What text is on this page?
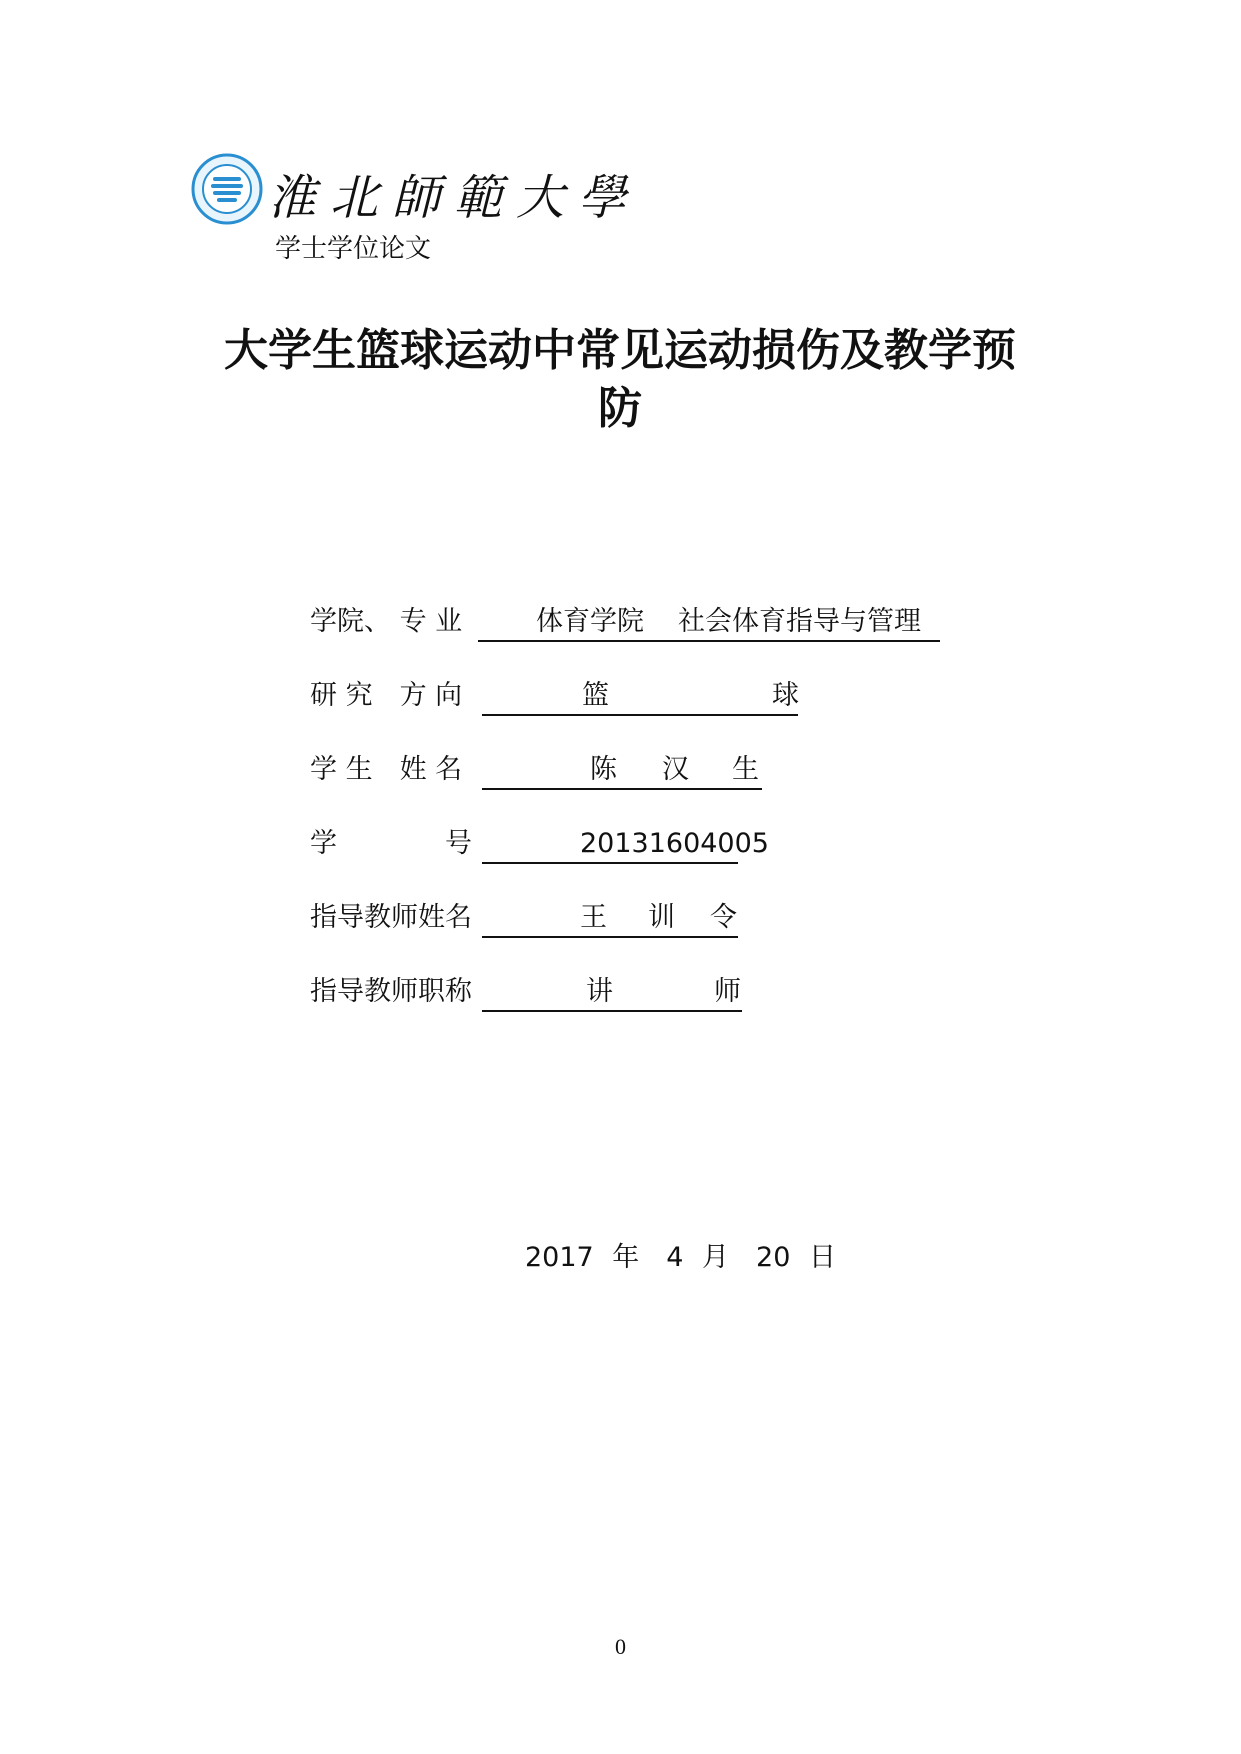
淮北師範大學
学士学位论文
大学生篮球运动中常见运动损伤及教学预
防
学院、 专 业	体育学院 社会体育指导与管理
研 究　方 向	篮	球
学 生　姓 名	陈 汉 生
学　　　　号	20131604005
指导教师姓名	王 训 令
指导教师职称	讲	师
2017 年　4 月　20 日
0
